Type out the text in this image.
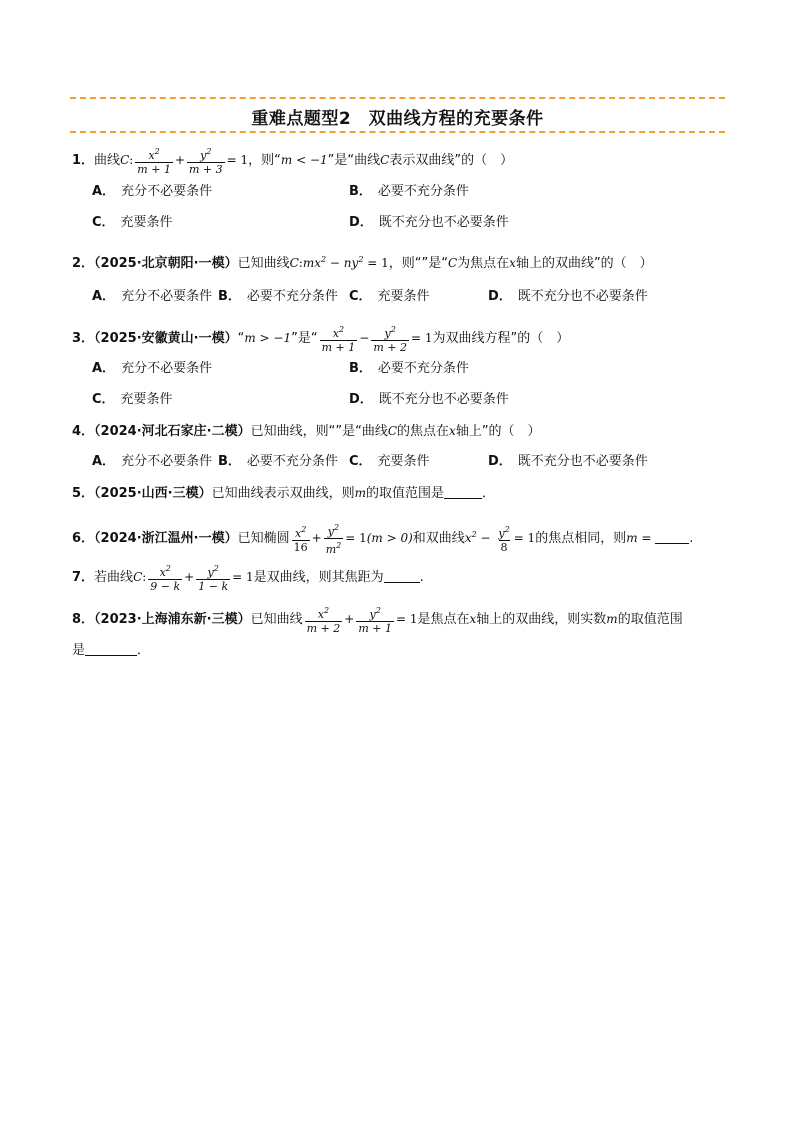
重难点题型2　双曲线方程的充要条件
1．曲线C: $\frac{x^2}{m + 1} + \frac{y^2}{m + 3} = 1$，则“m < −1”是“曲线C表示双曲线”的（　）
A． 充分不必要条件	B． 必要不充分条件
C． 充要条件	D． 既不充分也不必要条件
2．（2025·北京朝阳·一模）已知曲线$C:mx^2 - ny^2 = 1$，则“”是“C为焦点在x轴上的双曲线”的（　）
A． 充分不必要条件 B． 必要不充分条件 C． 充要条件	D． 既不充分也不必要条件
3．（2025·安徽黄山·一模）“m > −1”是“ $\frac{x^2}{m + 1} - \frac{y^2}{m + 2} = 1$为双曲线方程”的（　）
A． 充分不必要条件	B． 必要不充分条件
C． 充要条件	D． 既不充分也不必要条件
4．（2024·河北石家庄·二模）已知曲线，则“”是“曲线C的焦点在x轴上”的（　）
A． 充分不必要条件 B． 必要不充分条件 C． 充要条件	D． 既不充分也不必要条件
5．（2025·山西·三模）已知曲线表示双曲线，则m的取值范围是	．
6．（2024·浙江温州·一模）已知椭圆 $\frac{x^2}{16} + \frac{y^2}{m^2} = 1(m > 0)$和双曲线$x^2 - \frac{y^2}{8} = 1$的焦点相同，则m =	.
7．若曲线C: $\frac{x^2}{9 - k} + \frac{y^2}{1 - k} = 1$是双曲线，则其焦距为	.
8．（2023·上海浦东新·三模）已知曲线 $\frac{x^2}{m + 2} + \frac{y^2}{m + 1} = 1$是焦点在x轴上的双曲线，则实数m的取值范围
是	．
